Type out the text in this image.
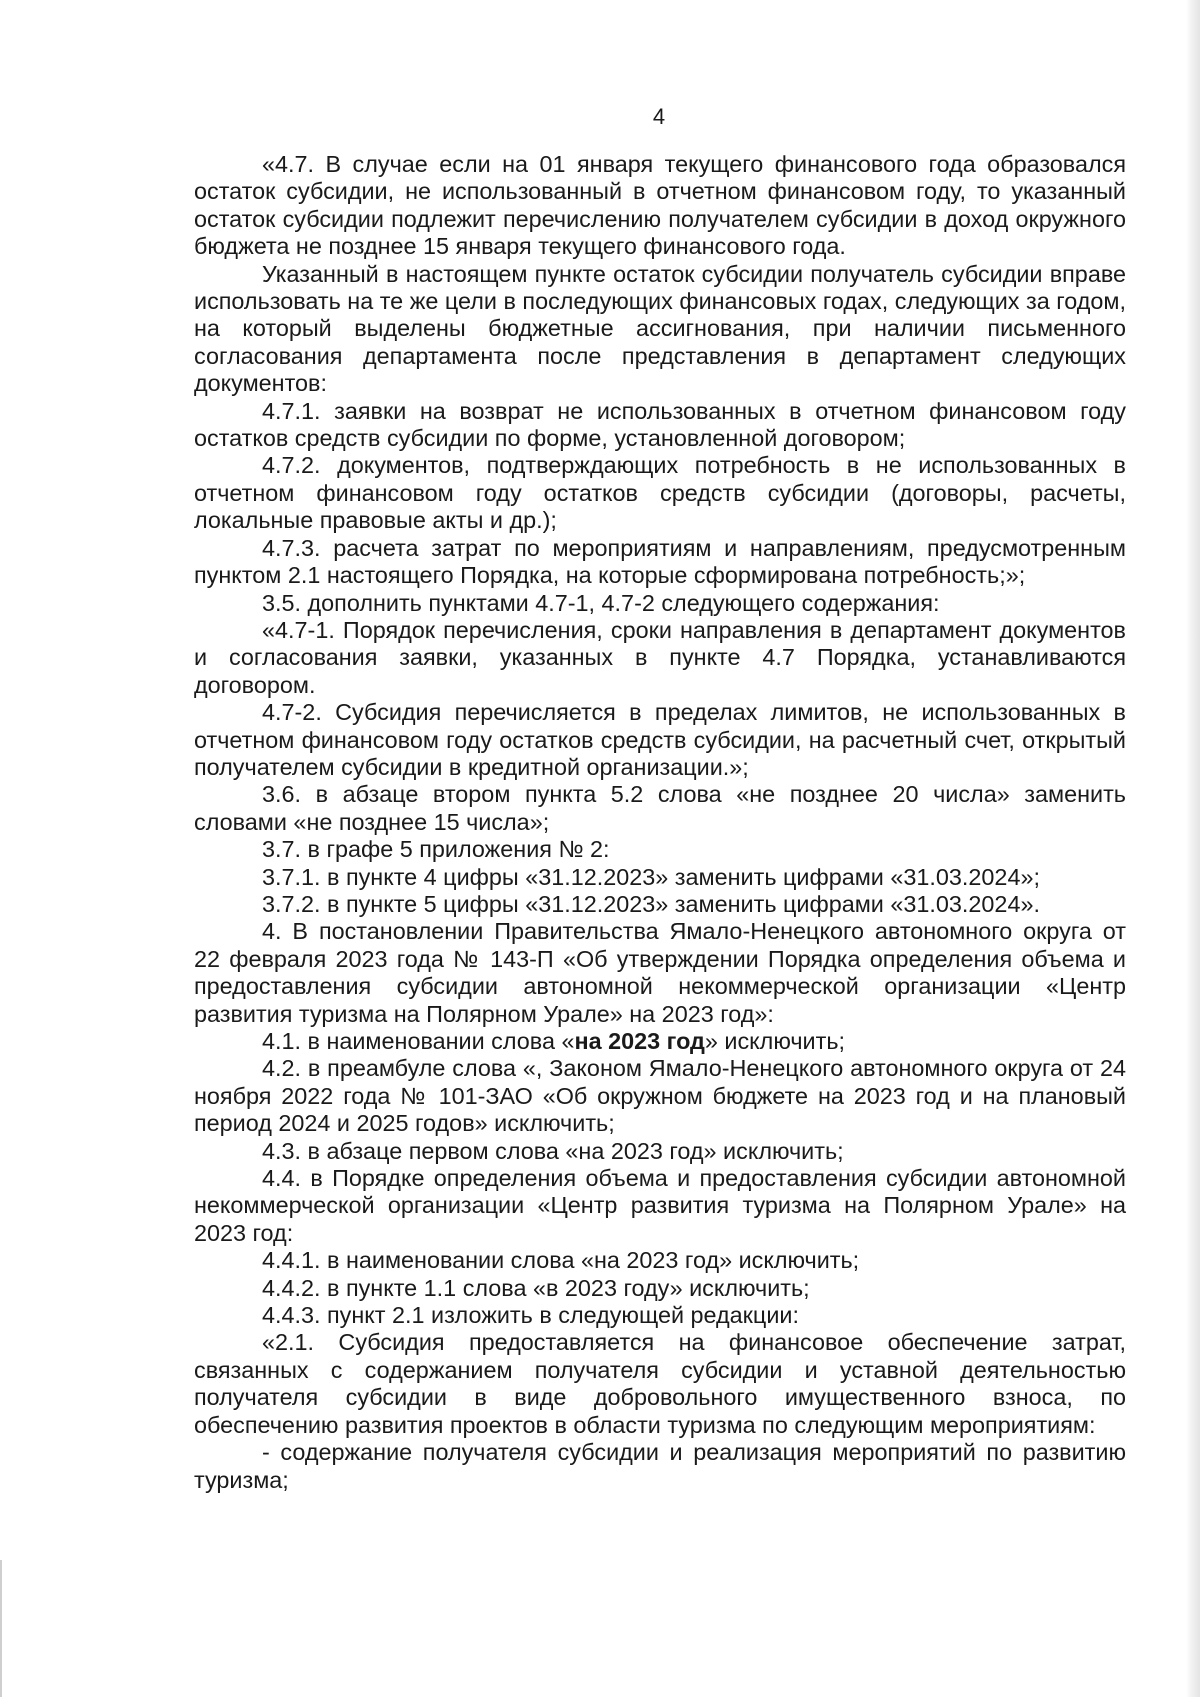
4

«4.7. В случае если на 01 января текущего финансового года образовался остаток субсидии, не использованный в отчетном финансовом году, то указанный остаток субсидии подлежит перечислению получателем субсидии в доход окружного бюджета не позднее 15 января текущего финансового года.

Указанный в настоящем пункте остаток субсидии получатель субсидии вправе использовать на те же цели в последующих финансовых годах, следующих за годом, на который выделены бюджетные ассигнования, при наличии письменного согласования департамента после представления в департамент следующих документов:

4.7.1. заявки на возврат не использованных в отчетном финансовом году остатков средств субсидии по форме, установленной договором;

4.7.2. документов, подтверждающих потребность в не использованных в отчетном финансовом году остатков средств субсидии (договоры, расчеты, локальные правовые акты и др.);

4.7.3. расчета затрат по мероприятиям и направлениям, предусмотренным пунктом 2.1 настоящего Порядка, на которые сформирована потребность;»;

3.5. дополнить пунктами 4.7-1, 4.7-2 следующего содержания:

«4.7-1. Порядок перечисления, сроки направления в департамент документов и согласования заявки, указанных в пункте 4.7 Порядка, устанавливаются договором.

4.7-2. Субсидия перечисляется в пределах лимитов, не использованных в отчетном финансовом году остатков средств субсидии, на расчетный счет, открытый получателем субсидии в кредитной организации.»;

3.6. в абзаце втором пункта 5.2 слова «не позднее 20 числа» заменить словами «не позднее 15 числа»;

3.7. в графе 5 приложения № 2:

3.7.1. в пункте 4 цифры «31.12.2023» заменить цифрами «31.03.2024»;

3.7.2. в пункте 5 цифры «31.12.2023» заменить цифрами «31.03.2024».

4. В постановлении Правительства Ямало-Ненецкого автономного округа от 22 февраля 2023 года № 143-П «Об утверждении Порядка определения объема и предоставления субсидии автономной некоммерческой организации «Центр развития туризма на Полярном Урале» на 2023 год»:

4.1. в наименовании слова «на 2023 год» исключить;

4.2. в преамбуле слова «, Законом Ямало-Ненецкого автономного округа от 24 ноября 2022 года № 101-ЗАО «Об окружном бюджете на 2023 год и на плановый период 2024 и 2025 годов» исключить;

4.3. в абзаце первом слова «на 2023 год» исключить;

4.4. в Порядке определения объема и предоставления субсидии автономной некоммерческой организации «Центр развития туризма на Полярном Урале» на 2023 год:

4.4.1. в наименовании слова «на 2023 год» исключить;

4.4.2. в пункте 1.1 слова «в 2023 году» исключить;

4.4.3. пункт 2.1 изложить в следующей редакции:

«2.1. Субсидия предоставляется на финансовое обеспечение затрат, связанных с содержанием получателя субсидии и уставной деятельностью получателя субсидии в виде добровольного имущественного взноса, по обеспечению развития проектов в области туризма по следующим мероприятиям:

- содержание получателя субсидии и реализация мероприятий по развитию туризма;
